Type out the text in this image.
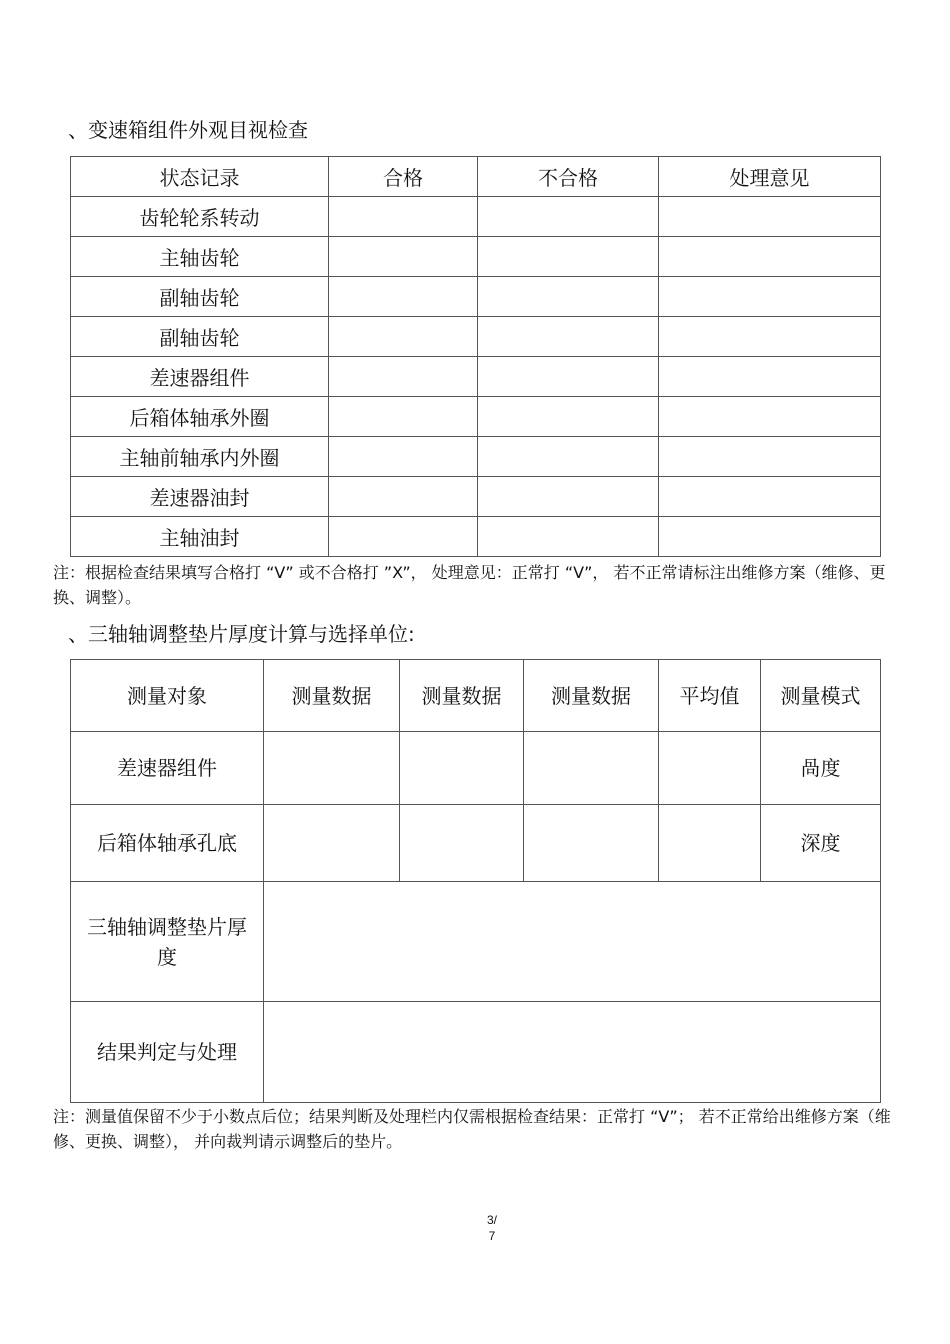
、变速箱组件外观目视检查
状态记录	合格	不合格	处理意见
齿轮轮系转动			
主轴齿轮			
副轴齿轮			
副轴齿轮			
差速器组件			
后箱体轴承外圈			
主轴前轴承内外圈			
差速器油封			
主轴油封			
注：根据检查结果填写合格打 “V” 或不合格打 ”X”， 处理意见：正常打 “V”， 若不正常请标注出维修方案（维修、更换、调整）。
、三轴轴调整垫片厚度计算与选择单位:
测量对象	测量数据	测量数据	测量数据	平均值	测量模式
差速器组件					咼度
后箱体轴承孔底					深度
三轴轴调整垫片厚度					
结果判定与处理					
注：测量值保留不少于小数点后位；结果判断及处理栏内仅需根据检查结果：正常打 “V”； 若不正常给出维修方案（维修、更换、调整）， 并向裁判请示调整后的垫片。
3/
7
